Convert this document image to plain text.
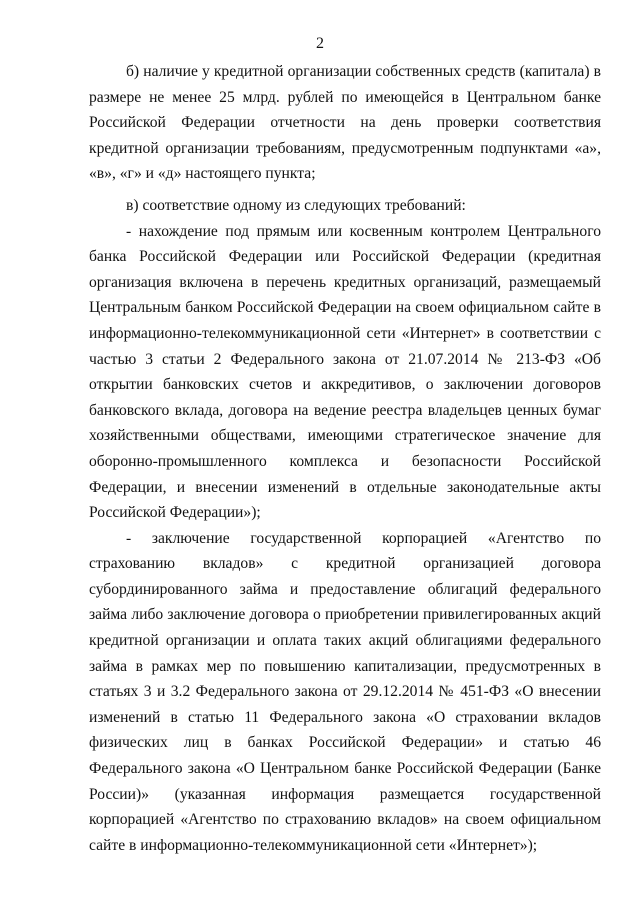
2

б) наличие у кредитной организации собственных средств (капитала) в размере не менее 25 млрд. рублей по имеющейся в Центральном банке Российской Федерации отчетности на день проверки соответствия кредитной организации требованиям, предусмотренным подпунктами «а», «в», «г» и «д» настоящего пункта;

в) соответствие одному из следующих требований:

- нахождение под прямым или косвенным контролем Центрального банка Российской Федерации или Российской Федерации (кредитная организация включена в перечень кредитных организаций, размещаемый Центральным банком Российской Федерации на своем официальном сайте в информационно-телекоммуникационной сети «Интернет» в соответствии с частью 3 статьи 2 Федерального закона от 21.07.2014 № 213-ФЗ «Об открытии банковских счетов и аккредитивов, о заключении договоров банковского вклада, договора на ведение реестра владельцев ценных бумаг хозяйственными обществами, имеющими стратегическое значение для оборонно-промышленного комплекса и безопасности Российской Федерации, и внесении изменений в отдельные законодательные акты Российской Федерации»);

- заключение государственной корпорацией «Агентство по страхованию вкладов» с кредитной организацией договора субординированного займа и предоставление облигаций федерального займа либо заключение договора о приобретении привилегированных акций кредитной организации и оплата таких акций облигациями федерального займа в рамках мер по повышению капитализации, предусмотренных в статьях 3 и 3.2 Федерального закона от 29.12.2014 № 451-ФЗ «О внесении изменений в статью 11 Федерального закона «О страховании вкладов физических лиц в банках Российской Федерации» и статью 46 Федерального закона «О Центральном банке Российской Федерации (Банке России)» (указанная информация размещается государственной корпорацией «Агентство по страхованию вкладов» на своем официальном сайте в информационно-телекоммуникационной сети «Интернет»);
